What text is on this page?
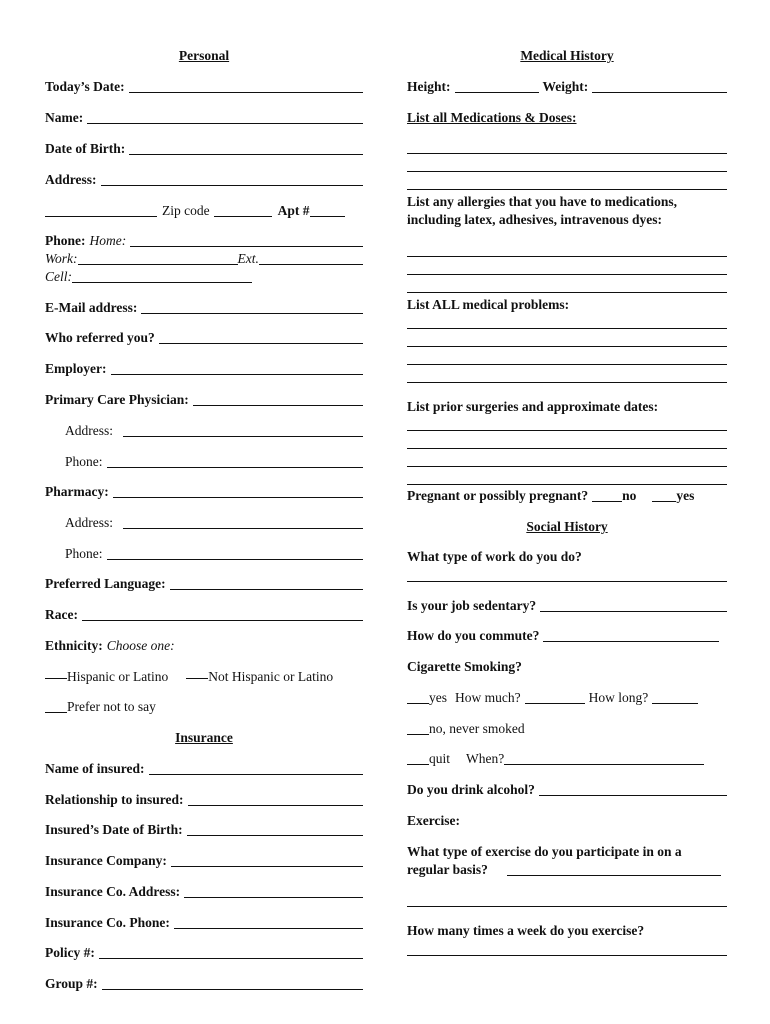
Personal
Today’s Date:
Name:
Date of Birth:
Address:
Zip code	Apt #
Phone: Home:
Work:	Ext.
Cell:
E-Mail address:
Who referred you?
Employer:
Primary Care Physician:
Address:
Phone:
Pharmacy:
Address:
Phone:
Preferred Language:
Race:
Ethnicity: Choose one:
Hispanic or Latino	Not Hispanic or Latino
Prefer not to say
Insurance
Name of insured:
Relationship to insured:
Insured’s Date of Birth:
Insurance Company:
Insurance Co. Address:
Insurance Co. Phone:
Policy #:
Group #:
Medical History
Height:	Weight:
List all Medications & Doses:
List any allergies that you have to medications, including latex, adhesives, intravenous dyes:
List ALL medical problems:
List prior surgeries and approximate dates:
Pregnant or possibly pregnant?	no	yes
Social History
What type of work do you do?
Is your job sedentary?
How do you commute?
Cigarette Smoking?
yes How much?	How long?
no, never smoked
quit When?
Do you drink alcohol?
Exercise:
What type of exercise do you participate in on a regular basis?
How many times a week do you exercise?
